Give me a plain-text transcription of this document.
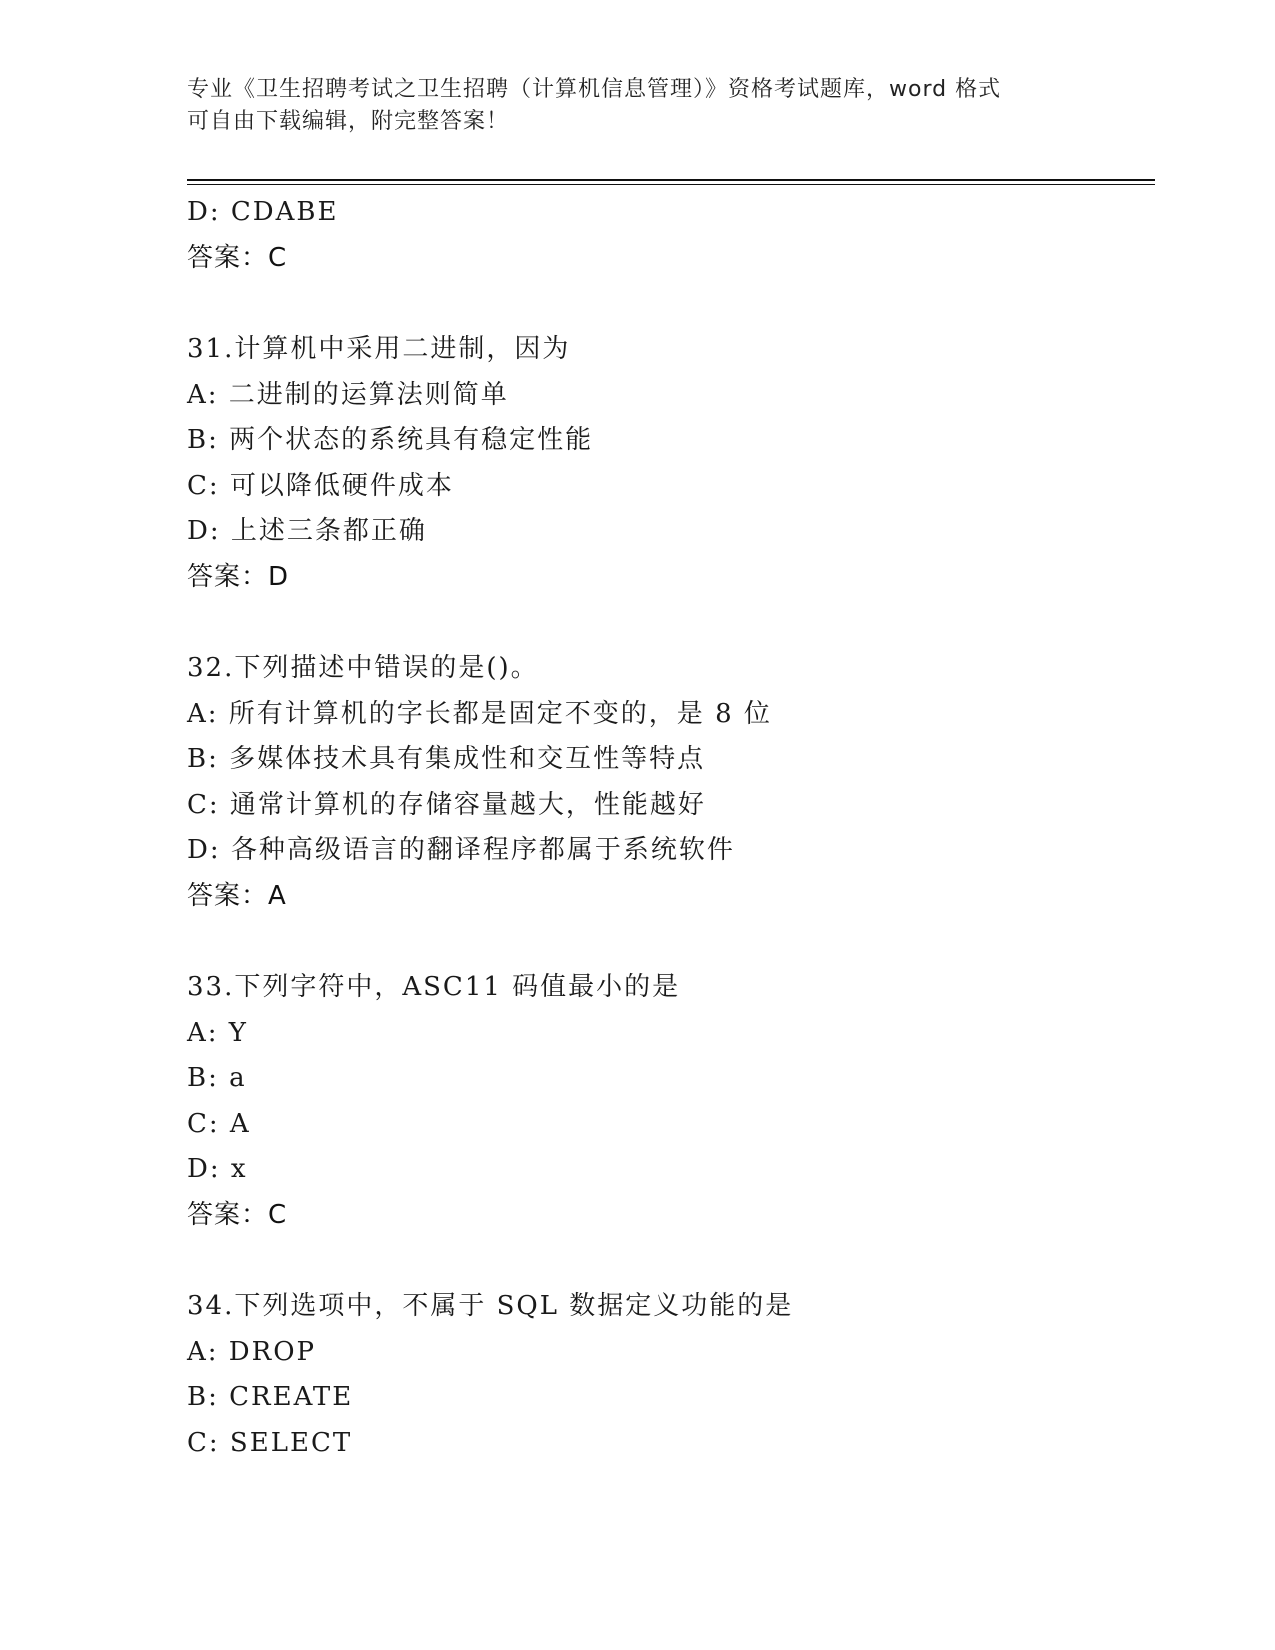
专业《卫生招聘考试之卫生招聘（计算机信息管理）》资格考试题库，word 格式
可自由下载编辑，附完整答案！
D: CDABE
答案：C
31.计算机中采用二进制，因为
A: 二进制的运算法则简单
B: 两个状态的系统具有稳定性能
C: 可以降低硬件成本
D: 上述三条都正确
答案：D
32.下列描述中错误的是()。
A: 所有计算机的字长都是固定不变的，是 8 位
B: 多媒体技术具有集成性和交互性等特点
C: 通常计算机的存储容量越大，性能越好
D: 各种高级语言的翻译程序都属于系统软件
答案：A
33.下列字符中，ASC11 码值最小的是
A: Y
B: a
C: A
D: x
答案：C
34.下列选项中，不属于 SQL 数据定义功能的是
A: DROP
B: CREATE
C: SELECT
